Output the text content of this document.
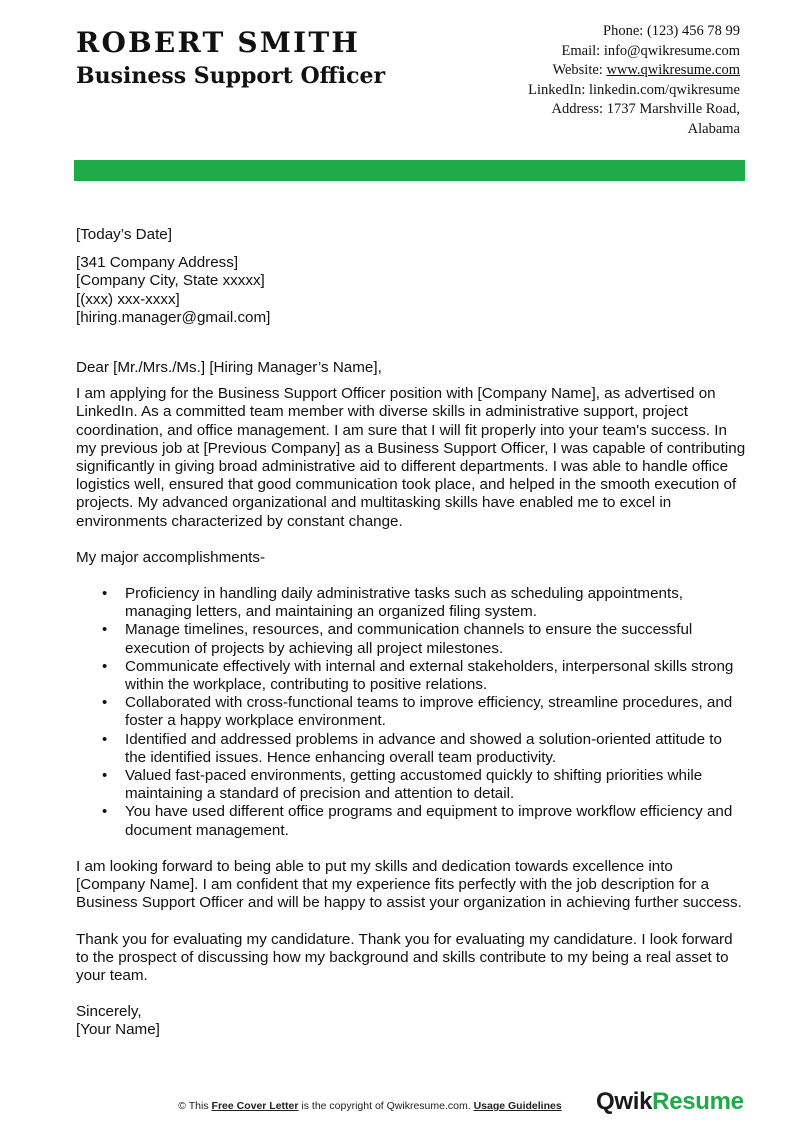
ROBERT SMITH
Business Support Officer
Phone: (123) 456 78 99
Email: info@qwikresume.com
Website: www.qwikresume.com
LinkedIn: linkedin.com/qwikresume
Address: 1737 Marshville Road,
Alabama

[Today’s Date]

[341 Company Address]

[Company City, State xxxxx]

[(xxx) xxx-xxxx]

[hiring.manager@gmail.com]

Dear [Mr./Mrs./Ms.] [Hiring Manager’s Name],

I am applying for the Business Support Officer position with [Company Name], as advertised on LinkedIn. As a committed team member with diverse skills in administrative support, project coordination, and office management. I am sure that I will fit properly into your team's success. In my previous job at [Previous Company] as a Business Support Officer, I was capable of contributing significantly in giving broad administrative aid to different departments. I was able to handle office logistics well, ensured that good communication took place, and helped in the smooth execution of projects. My advanced organizational and multitasking skills have enabled me to excel in environments characterized by constant change.

My major accomplishments-

• Proficiency in handling daily administrative tasks such as scheduling appointments, managing letters, and maintaining an organized filing system.
• Manage timelines, resources, and communication channels to ensure the successful execution of projects by achieving all project milestones.
• Communicate effectively with internal and external stakeholders, interpersonal skills strong within the workplace, contributing to positive relations.
• Collaborated with cross-functional teams to improve efficiency, streamline procedures, and foster a happy workplace environment.
• Identified and addressed problems in advance and showed a solution-oriented attitude to the identified issues. Hence enhancing overall team productivity.
• Valued fast-paced environments, getting accustomed quickly to shifting priorities while maintaining a standard of precision and attention to detail.
• You have used different office programs and equipment to improve workflow efficiency and document management.

I am looking forward to being able to put my skills and dedication towards excellence into [Company Name]. I am confident that my experience fits perfectly with the job description for a Business Support Officer and will be happy to assist your organization in achieving further success.

Thank you for evaluating my candidature. Thank you for evaluating my candidature. I look forward to the prospect of discussing how my background and skills contribute to my being a real asset to your team.

Sincerely,

[Your Name]

© This Free Cover Letter is the copyright of Qwikresume.com. Usage Guidelines	QwikResume
